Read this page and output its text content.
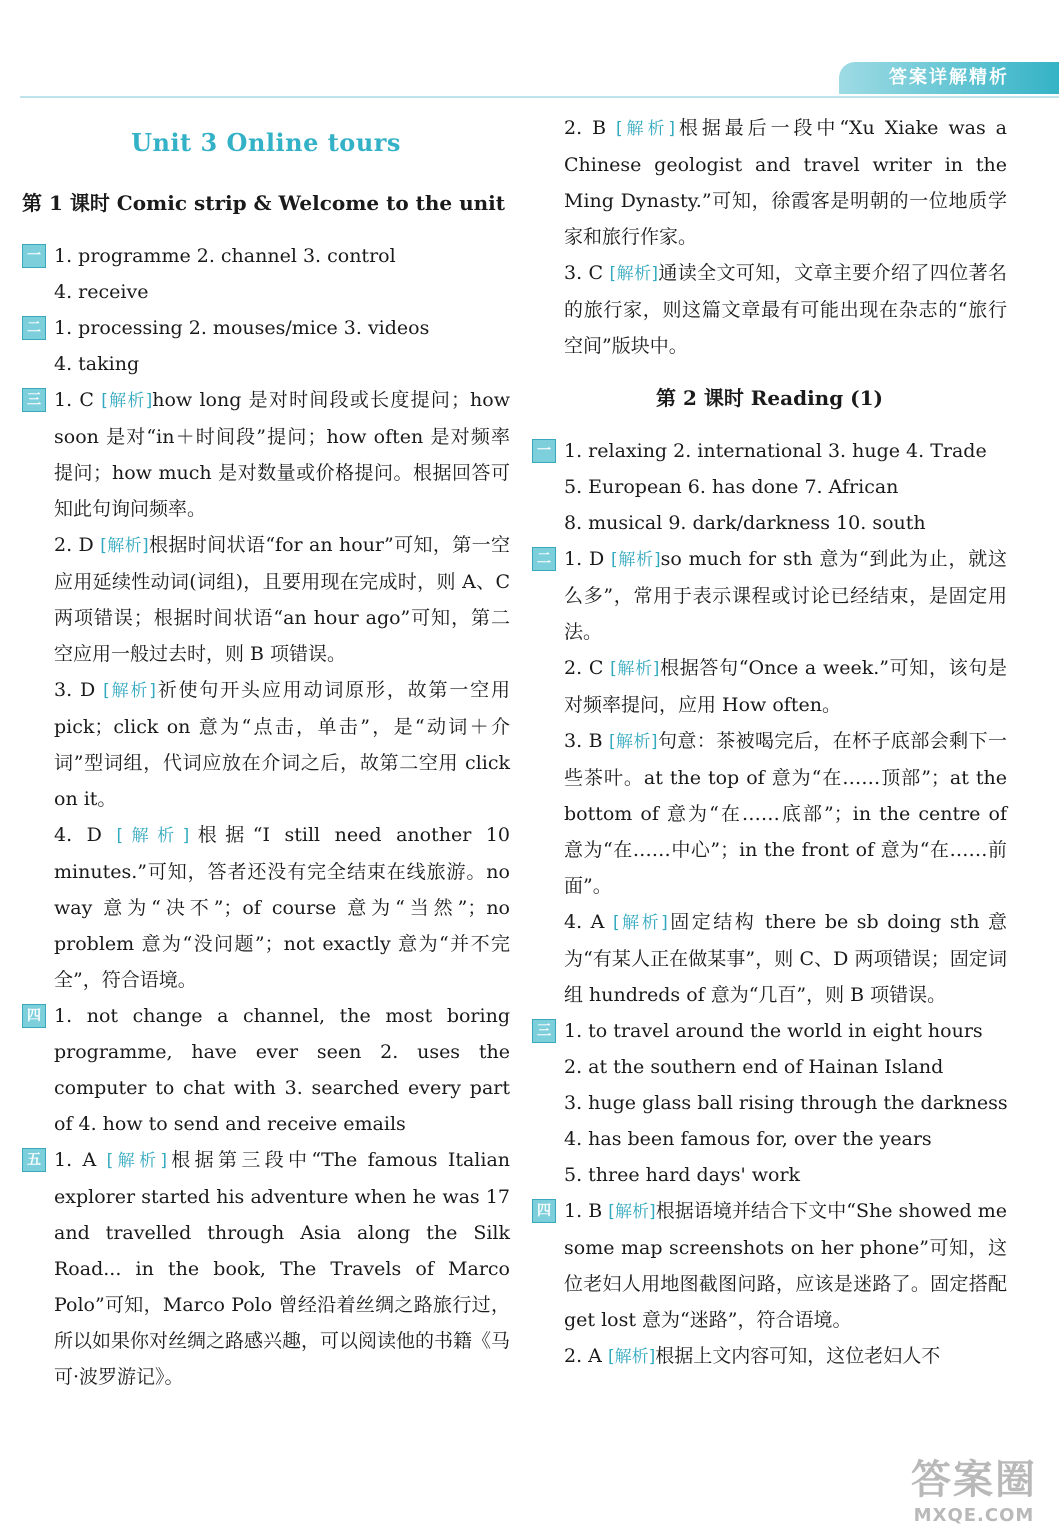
答案详解精析
Unit 3 Online tours
第 1 课时 Comic strip & Welcome to the unit
一 1. programme 2. channel 3. control
4. receive
二 1. processing 2. mouses/mice 3. videos
4. taking
三 1. C [解析]how long 是对时间段或长度提问；how soon 是对“in＋时间段”提问；how often 是对频率提问；how much 是对数量或价格提问。根据回答可知此句询问频率。
2. D [解析]根据时间状语“for an hour”可知，第一空应用延续性动词(词组)，且要用现在完成时，则 A、C 两项错误；根据时间状语“an hour ago”可知，第二空应用一般过去时，则 B 项错误。
3. D [解析]祈使句开头应用动词原形，故第一空用 pick；click on 意为“点击，单击”，是“动词＋介词”型词组，代词应放在介词之后，故第二空用 click on it。
4. D [解析]根据“I still need another 10 minutes.”可知，答者还没有完全结束在线旅游。no way 意为“决不”；of course 意为“当然”；no problem 意为“没问题”；not exactly 意为“并不完全”，符合语境。
四 1. not change a channel, the most boring programme, have ever seen 2. uses the computer to chat with 3. searched every part of 4. how to send and receive emails
五 1. A [解析]根据第三段中“The famous Italian explorer started his adventure when he was 17 and travelled through Asia along the Silk Road... in the book, The Travels of Marco Polo”可知，Marco Polo 曾经沿着丝绸之路旅行过，所以如果你对丝绸之路感兴趣，可以阅读他的书籍《马可·波罗游记》。
2. B [解析]根据最后一段中“Xu Xiake was a Chinese geologist and travel writer in the Ming Dynasty.”可知，徐霞客是明朝的一位地质学家和旅行作家。
3. C [解析]通读全文可知，文章主要介绍了四位著名的旅行家，则这篇文章最有可能出现在杂志的“旅行空间”版块中。
第 2 课时 Reading (1)
一 1. relaxing 2. international 3. huge 4. Trade
5. European 6. has done 7. African
8. musical 9. dark/darkness 10. south
二 1. D [解析]so much for sth 意为“到此为止，就这么多”，常用于表示课程或讨论已经结束，是固定用法。
2. C [解析]根据答句“Once a week.”可知，该句是对频率提问，应用 How often。
3. B [解析]句意：茶被喝完后，在杯子底部会剩下一些茶叶。at the top of 意为“在……顶部”；at the bottom of 意为“在……底部”；in the centre of 意为“在……中心”；in the front of 意为“在……前面”。
4. A [解析]固定结构 there be sb doing sth 意为“有某人正在做某事”，则 C、D 两项错误；固定词组 hundreds of 意为“几百”，则 B 项错误。
三 1. to travel around the world in eight hours
2. at the southern end of Hainan Island
3. huge glass ball rising through the darkness
4. has been famous for, over the years
5. three hard days' work
四 1. B [解析]根据语境并结合下文中“She showed me some map screenshots on her phone”可知，这位老妇人用地图截图问路，应该是迷路了。固定搭配 get lost 意为“迷路”，符合语境。
2. A [解析]根据上文内容可知，这位老妇人不
答案圈
MXQE.COM
